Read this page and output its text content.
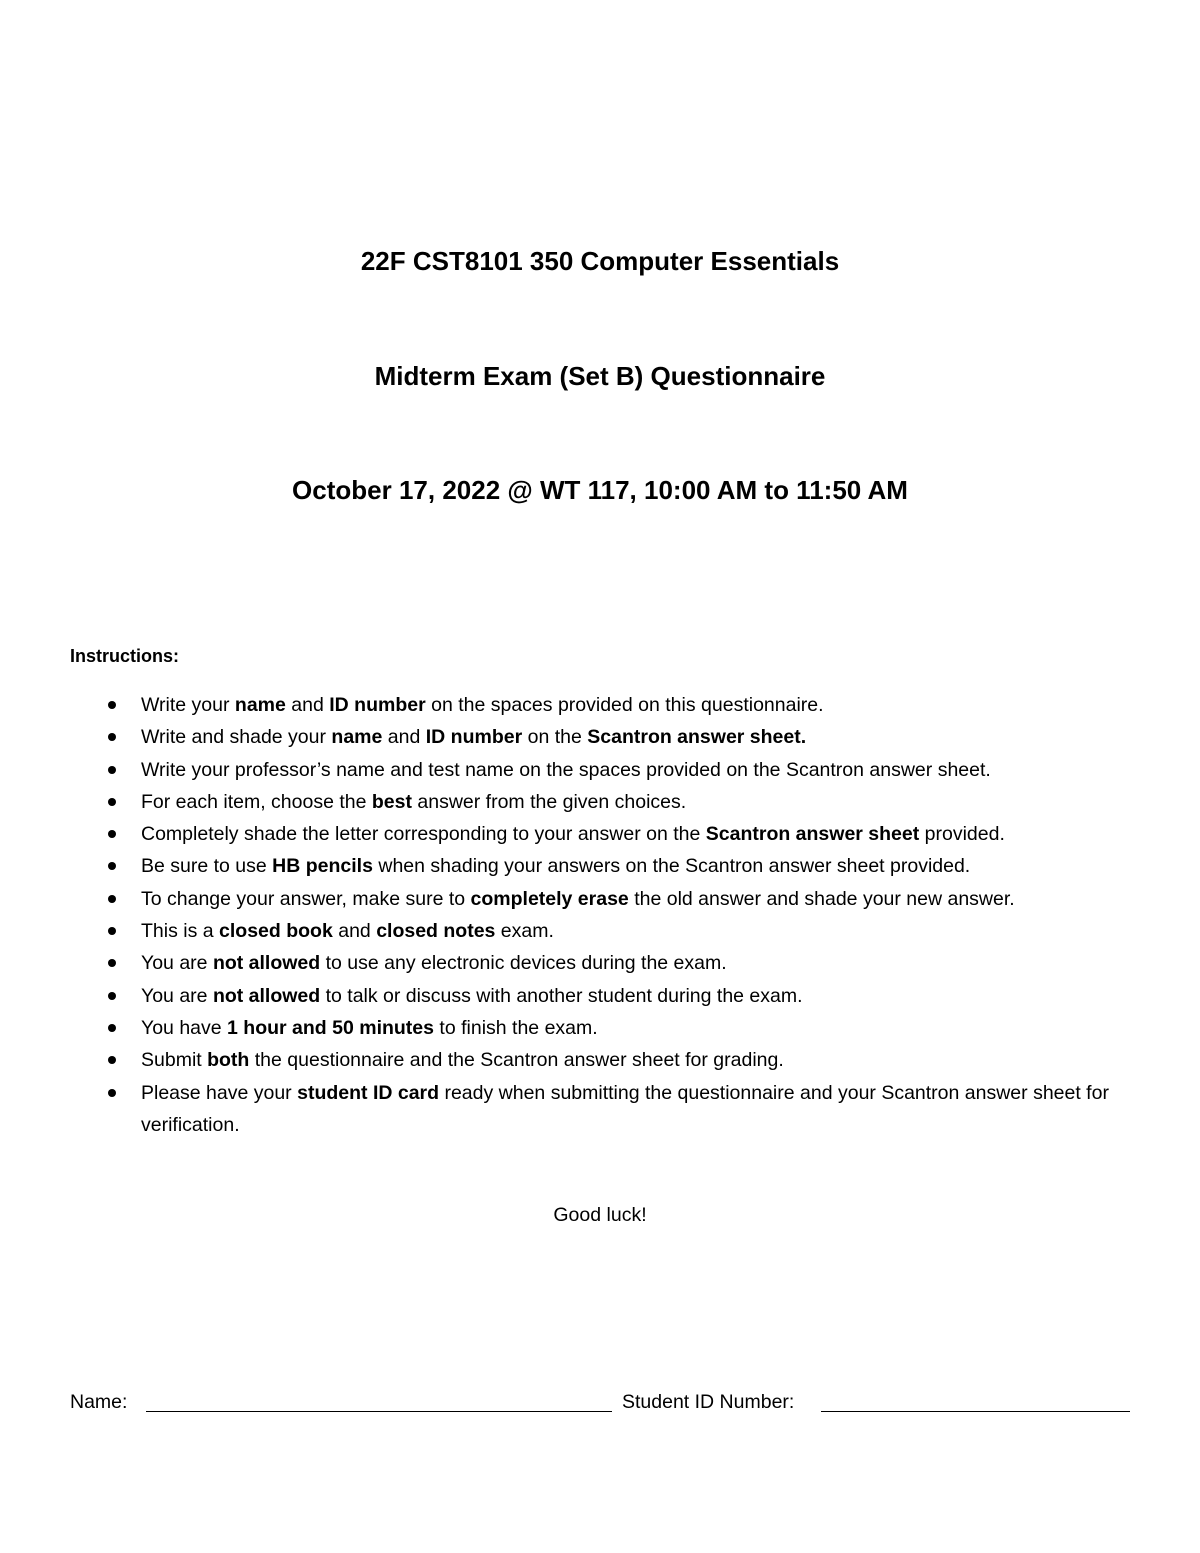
22F CST8101 350 Computer Essentials
Midterm Exam (Set B) Questionnaire
October 17, 2022 @ WT 117, 10:00 AM to 11:50 AM
Instructions:
Write your name and ID number on the spaces provided on this questionnaire.
Write and shade your name and ID number on the Scantron answer sheet.
Write your professor’s name and test name on the spaces provided on the Scantron answer sheet.
For each item, choose the best answer from the given choices.
Completely shade the letter corresponding to your answer on the Scantron answer sheet provided.
Be sure to use HB pencils when shading your answers on the Scantron answer sheet provided.
To change your answer, make sure to completely erase the old answer and shade your new answer.
This is a closed book and closed notes exam.
You are not allowed to use any electronic devices during the exam.
You are not allowed to talk or discuss with another student during the exam.
You have 1 hour and 50 minutes to finish the exam.
Submit both the questionnaire and the Scantron answer sheet for grading.
Please have your student ID card ready when submitting the questionnaire and your Scantron answer sheet for verification.
Good luck!
Name:	Student ID Number:
